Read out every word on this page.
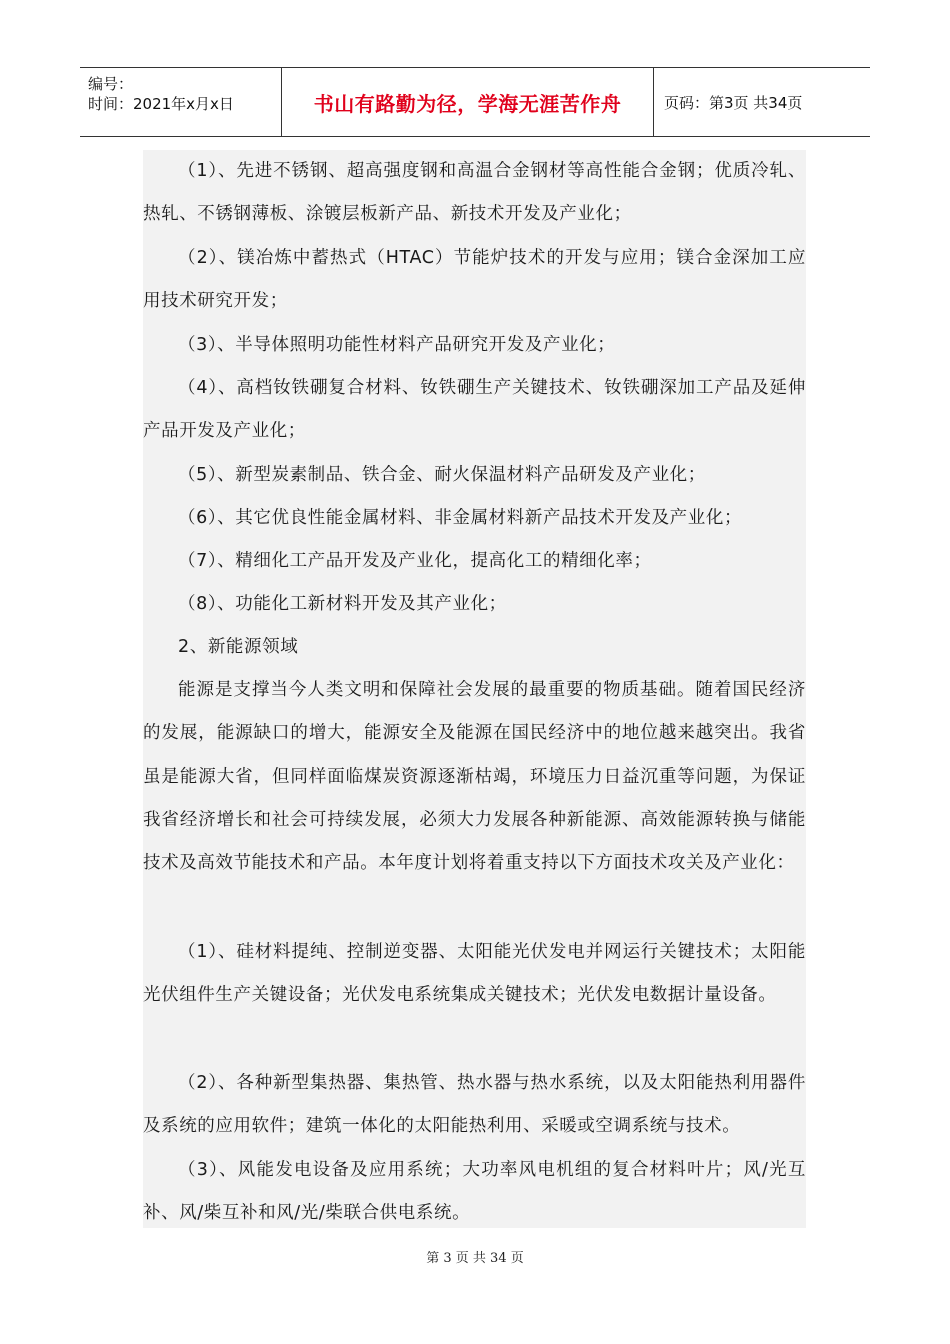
编号：
时间：2021年x月x日	书山有路勤为径，学海无涯苦作舟	页码：第3页 共34页

（1）、先进不锈钢、超高强度钢和高温合金钢材等高性能合金钢；优质冷轧、热轧、不锈钢薄板、涂镀层板新产品、新技术开发及产业化；

（2）、镁冶炼中蓄热式（HTAC）节能炉技术的开发与应用；镁合金深加工应用技术研究开发；

（3）、半导体照明功能性材料产品研究开发及产业化；

（4）、高档钕铁硼复合材料、钕铁硼生产关键技术、钕铁硼深加工产品及延伸产品开发及产业化；

（5）、新型炭素制品、铁合金、耐火保温材料产品研发及产业化；

（6）、其它优良性能金属材料、非金属材料新产品技术开发及产业化；

（7）、精细化工产品开发及产业化，提高化工的精细化率；

（8）、功能化工新材料开发及其产业化；

2、新能源领域

能源是支撑当今人类文明和保障社会发展的最重要的物质基础。随着国民经济的发展，能源缺口的增大，能源安全及能源在国民经济中的地位越来越突出。我省虽是能源大省，但同样面临煤炭资源逐渐枯竭，环境压力日益沉重等问题，为保证我省经济增长和社会可持续发展，必须大力发展各种新能源、高效能源转换与储能技术及高效节能技术和产品。本年度计划将着重支持以下方面技术攻关及产业化：

（1）、硅材料提纯、控制逆变器、太阳能光伏发电并网运行关键技术；太阳能光伏组件生产关键设备；光伏发电系统集成关键技术；光伏发电数据计量设备。

（2）、各种新型集热器、集热管、热水器与热水系统，以及太阳能热利用器件及系统的应用软件；建筑一体化的太阳能热利用、采暖或空调系统与技术。

（3）、风能发电设备及应用系统；大功率风电机组的复合材料叶片；风/光互补、风/柴互补和风/光/柴联合供电系统。

第 3 页 共 34 页
